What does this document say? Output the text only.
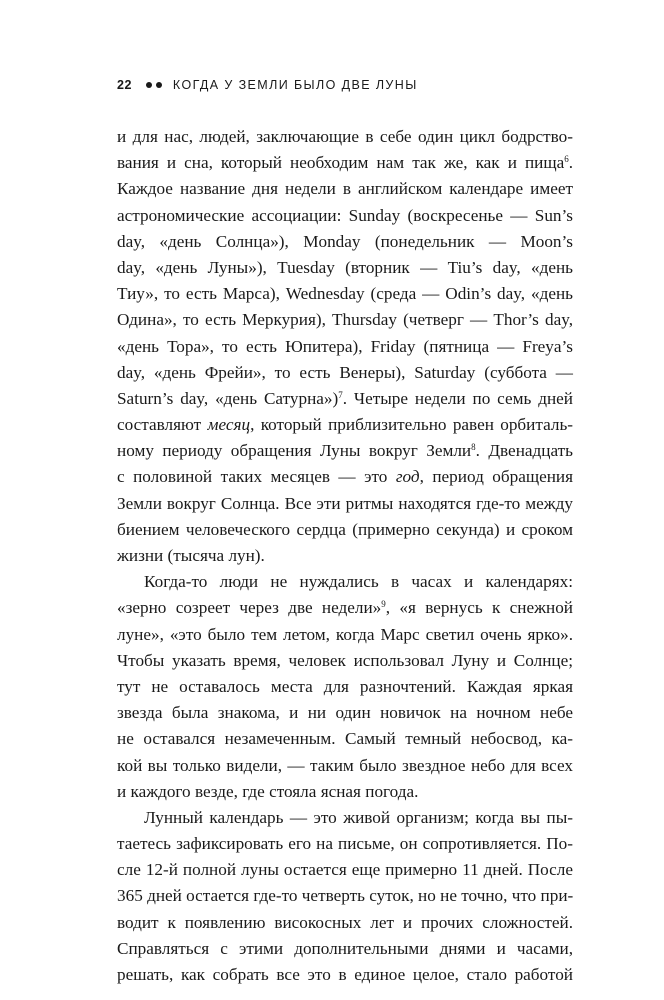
22	КОГДА У ЗЕМЛИ БЫЛО ДВЕ ЛУНЫ
и для нас, людей, заключающие в себе один цикл бодрство-
вания и сна, который необходим нам так же, как и пища$^6$.
Каждое название дня недели в английском календаре имеет
астрономические ассоциации: Sunday (воскресенье — Sun’s
day, «день Солнца»), Monday (понедельник — Moon’s
day, «день Луны»), Tuesday (вторник — Tiu’s day, «день
Тиу», то есть Марса), Wednesday (среда — Odin’s day, «день
Одина», то есть Меркурия), Thursday (четверг — Thor’s day,
«день Тора», то есть Юпитера), Friday (пятница — Freya’s
day, «день Фрейи», то есть Венеры), Saturday (суббота —
Saturn’s day, «день Сатурна»)$^7$. Четыре недели по семь дней
составляют месяц, который приблизительно равен орбиталь-
ному периоду обращения Луны вокруг Земли$^8$. Двенадцать
с половиной таких месяцев — это год, период обращения
Земли вокруг Солнца. Все эти ритмы находятся где-то между
биением человеческого сердца (примерно секунда) и сроком
жизни (тысяча лун).
Когда-то люди не нуждались в часах и календарях:
«зерно созреет через две недели»$^9$, «я вернусь к снежной
луне», «это было тем летом, когда Марс светил очень ярко».
Чтобы указать время, человек использовал Луну и Солнце;
тут не оставалось места для разночтений. Каждая яркая
звезда была знакома, и ни один новичок на ночном небе
не оставался незамеченным. Самый темный небосвод, ка-
кой вы только видели, — таким было звездное небо для всех
и каждого везде, где стояла ясная погода.
Лунный календарь — это живой организм; когда вы пы-
таетесь зафиксировать его на письме, он сопротивляется. По-
сле 12-й полной луны остается еще примерно 11 дней. После
365 дней остается где-то четверть суток, но не точно, что при-
водит к появлению високосных лет и прочих сложностей.
Справляться с этими дополнительными днями и часами,
решать, как собрать все это в единое целое, стало работой
